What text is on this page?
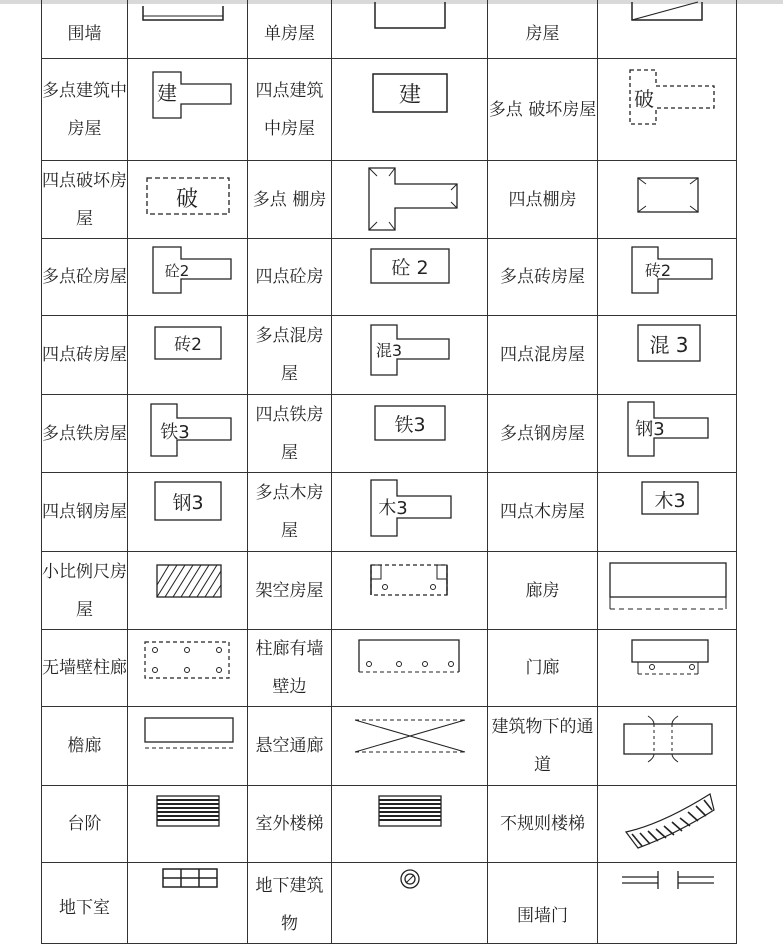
围墙		单房屋		房屋	

多点建筑中房屋	建	四点建筑中房屋	建	多点 破坏房屋	破

四点破坏房屋	破	多点 棚房		四点棚房	

多点砼房屋	砼2	四点砼房	砼 2	多点砖房屋	砖2

四点砖房屋	砖2	多点混房屋	混3	四点混房屋	混 3

多点铁房屋	铁3	四点铁房屋	铁3	多点钢房屋	钢3

四点钢房屋	钢3	多点木房屋	木3	四点木房屋	木3

小比例尺房屋		架空房屋		廊房	

无墙壁柱廊		柱廊有墙壁边		门廊	

檐廊		悬空通廊		建筑物下的通道	

台阶		室外楼梯		不规则楼梯	

地下室		地下建筑物		围墙门	
